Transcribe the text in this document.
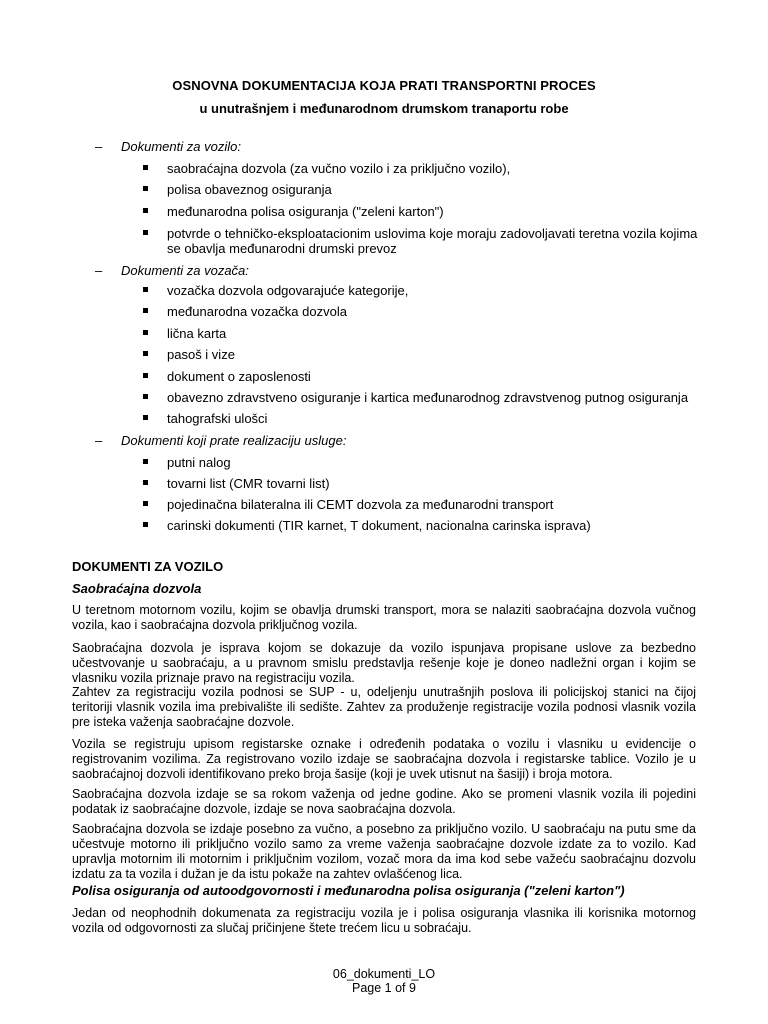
OSNOVNA DOKUMENTACIJA KOJA PRATI TRANSPORTNI PROCES
u unutrašnjem i međunarodnom drumskom tranaportu robe
– Dokumenti za vozilo:
saobraćajna dozvola (za vučno vozilo i za priključno vozilo),
polisa obaveznog osiguranja
međunarodna polisa osiguranja ("zeleni karton")
potvrde o tehničko-eksploatacionim uslovima koje moraju zadovoljavati teretna vozila kojima se obavlja međunarodni drumski prevoz
– Dokumenti za vozača:
vozačka dozvola odgovarajuće kategorije,
međunarodna vozačka dozvola
lična karta
pasoš i vize
dokument o zaposlenosti
obavezno zdravstveno osiguranje i kartica međunarodnog zdravstvenog putnog osiguranja
tahografski ulošci
– Dokumenti koji prate realizaciju usluge:
putni nalog
tovarni list (CMR tovarni list)
pojedinačna bilateralna ili CEMT dozvola za međunarodni transport
carinski dokumenti (TIR karnet, T dokument, nacionalna carinska isprava)
DOKUMENTI ZA VOZILO
Saobraćajna dozvola
U teretnom motornom vozilu, kojim se obavlja drumski transport, mora se nalaziti saobraćajna dozvola vučnog vozila, kao i saobraćajna dozvola priključnog vozila.
Saobraćajna dozvola je isprava kojom se dokazuje da vozilo ispunjava propisane uslove za bezbedno učestvovanje u saobraćaju, a u pravnom smislu predstavlja rešenje koje je doneo nadležni organ i kojim se vlasniku vozila priznaje pravo na registraciju vozila.
Zahtev za registraciju vozila podnosi se SUP - u, odeljenju unutrašnjih poslova ili policijskoj stanici na čijoj teritoriji vlasnik vozila ima prebivalište ili sedište. Zahtev za produženje registracije vozila podnosi vlasnik vozila pre isteka važenja saobraćajne dozvole.
Vozila se registruju upisom registarske oznake i određenih podataka o vozilu i vlasniku u evidencije o registrovanim vozilima. Za registrovano vozilo izdaje se saobraćajna dozvola i registarske tablice. Vozilo je u saobraćajnoj dozvoli identifikovano preko broja šasije (koji je uvek utisnut na šasiji) i broja motora.
Saobraćajna dozvola izdaje se sa rokom važenja od jedne godine. Ako se promeni vlasnik vozila ili pojedini podatak iz saobraćajne dozvole, izdaje se nova saobraćajna dozvola.
Saobraćajna dozvola se izdaje posebno za vučno, a posebno za priključno vozilo. U saobraćaju na putu sme da učestvuje motorno ili priključno vozilo samo za vreme važenja saobraćajne dozvole izdate za to vozilo. Kad upravlja motornim ili motornim i priključnim vozilom, vozač mora da ima kod sebe važeću saobraćajnu dozvolu izdatu za ta vozila i dužan je da istu pokaže na zahtev ovlašćenog lica.
Polisa osiguranja od autoodgovornosti i međunarodna polisa osiguranja ("zeleni karton")
Jedan od neophodnih dokumenata za registraciju vozila je i polisa osiguranja vlasnika ili korisnika motornog vozila od odgovornosti za slučaj pričinjene štete trećem licu u sobraćaju.
06_dokumenti_LO
Page 1 of 9
